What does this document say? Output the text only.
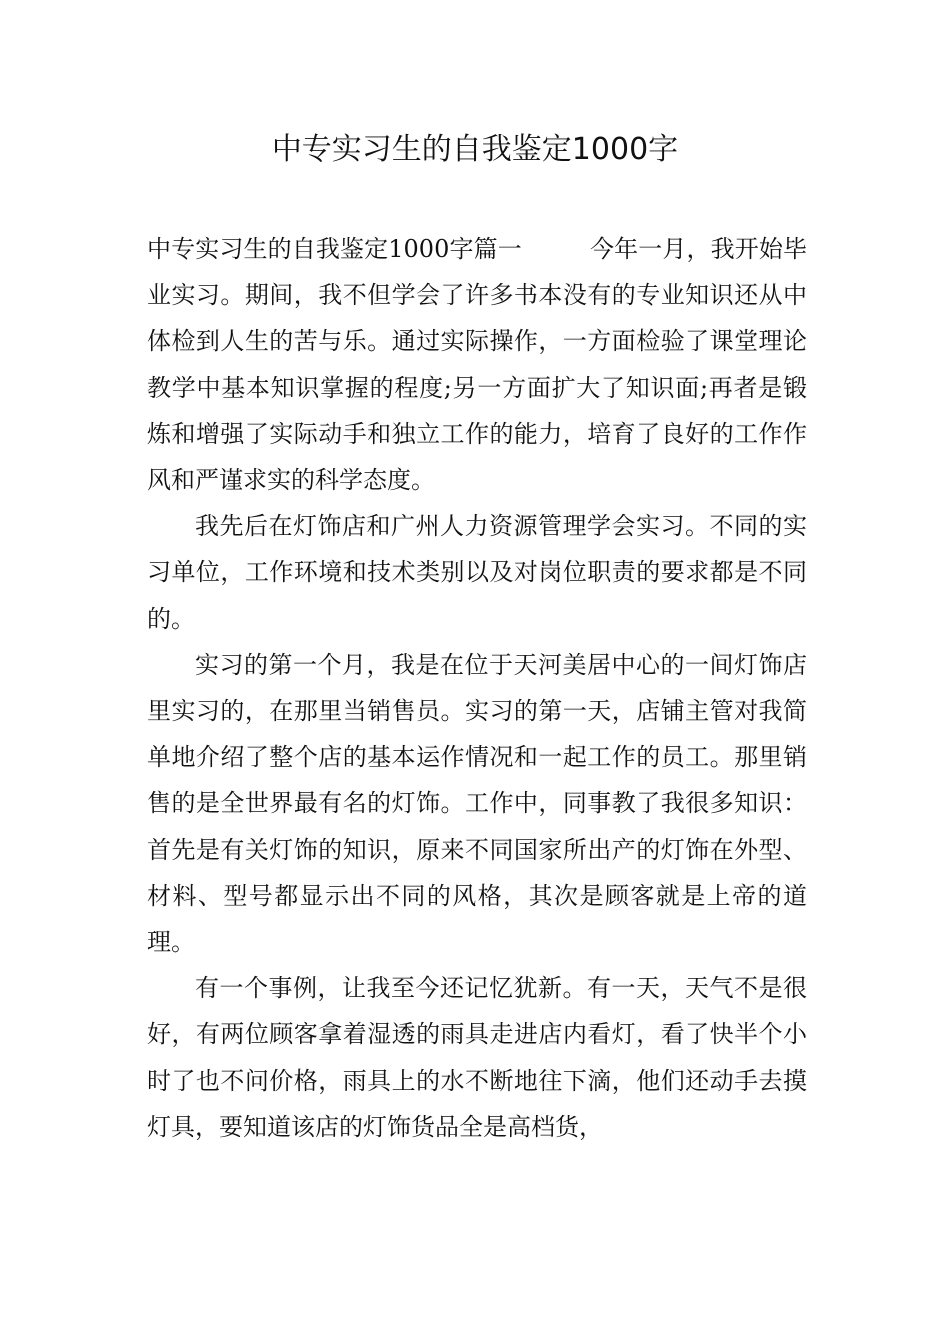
中专实习生的自我鉴定1000字

中专实习生的自我鉴定1000字篇一	今年一月，我开始毕业实习。期间，我不但学会了许多书本没有的专业知识还从中体检到人生的苦与乐。通过实际操作，一方面检验了课堂理论教学中基本知识掌握的程度;另一方面扩大了知识面;再者是锻炼和增强了实际动手和独立工作的能力，培育了良好的工作作风和严谨求实的科学态度。

我先后在灯饰店和广州人力资源管理学会实习。不同的实习单位，工作环境和技术类别以及对岗位职责的要求都是不同的。

实习的第一个月，我是在位于天河美居中心的一间灯饰店里实习的，在那里当销售员。实习的第一天，店铺主管对我简单地介绍了整个店的基本运作情况和一起工作的员工。那里销售的是全世界最有名的灯饰。工作中，同事教了我很多知识：首先是有关灯饰的知识，原来不同国家所出产的灯饰在外型、材料、型号都显示出不同的风格，其次是顾客就是上帝的道理。

有一个事例，让我至今还记忆犹新。有一天，天气不是很好，有两位顾客拿着湿透的雨具走进店内看灯，看了快半个小时了也不问价格，雨具上的水不断地往下滴，他们还动手去摸灯具，要知道该店的灯饰货品全是高档货，
